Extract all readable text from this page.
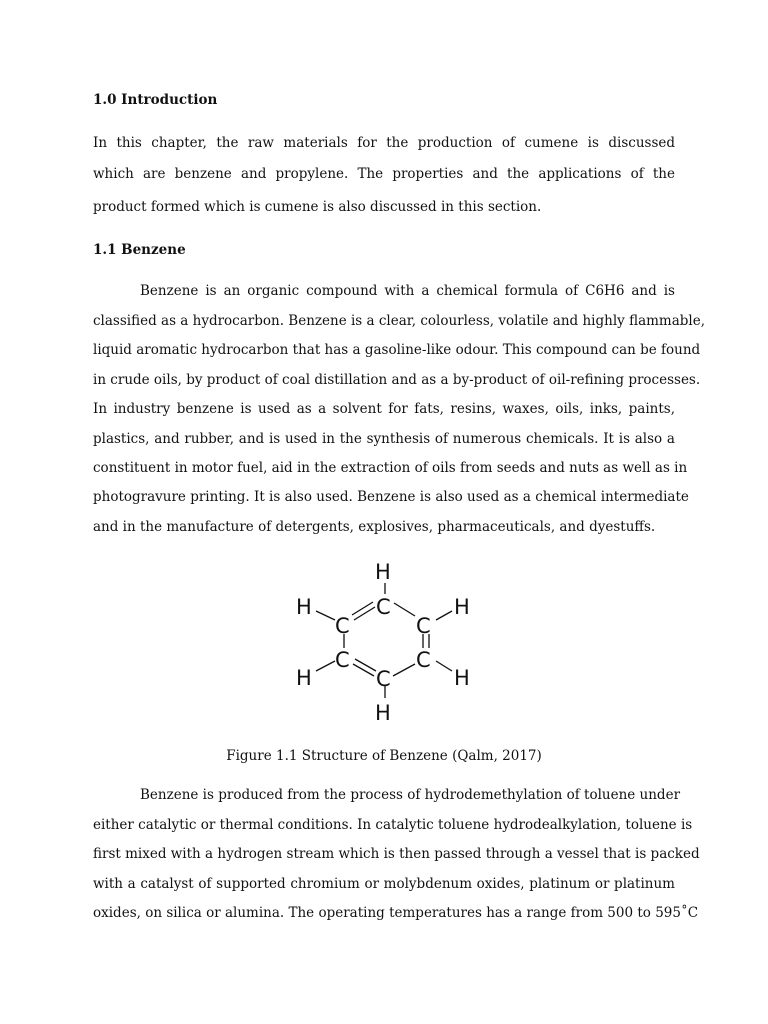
1.0 Introduction
In this chapter, the raw materials for the production of cumene is discussed
which are benzene and propylene. The properties and the applications of the
product formed which is cumene is also discussed in this section.
1.1 Benzene
Benzene is an organic compound with a chemical formula of C6H6 and is
classified as a hydrocarbon. Benzene is a clear, colourless, volatile and highly flammable,
liquid aromatic hydrocarbon that has a gasoline-like odour. This compound can be found
in crude oils, by product of coal distillation and as a by-product of oil-refining processes.
In industry benzene is used as a solvent for fats, resins, waxes, oils, inks, paints,
plastics, and rubber, and is used in the synthesis of numerous chemicals. It is also a
constituent in motor fuel, aid in the extraction of oils from seeds and nuts as well as in
photogravure printing. It is also used. Benzene is also used as a chemical intermediate
and in the manufacture of detergents, explosives, pharmaceuticals, and dyestuffs.
H
H	H
H	H
H
C
C	C
C	C
C
Figure 1.1 Structure of Benzene (Qalm, 2017)
Benzene is produced from the process of hydrodemethylation of toluene under
either catalytic or thermal conditions. In catalytic toluene hydrodealkylation, toluene is
first mixed with a hydrogen stream which is then passed through a vessel that is packed
with a catalyst of supported chromium or molybdenum oxides, platinum or platinum
oxides, on silica or alumina. The operating temperatures has a range from 500 to 595˚C
